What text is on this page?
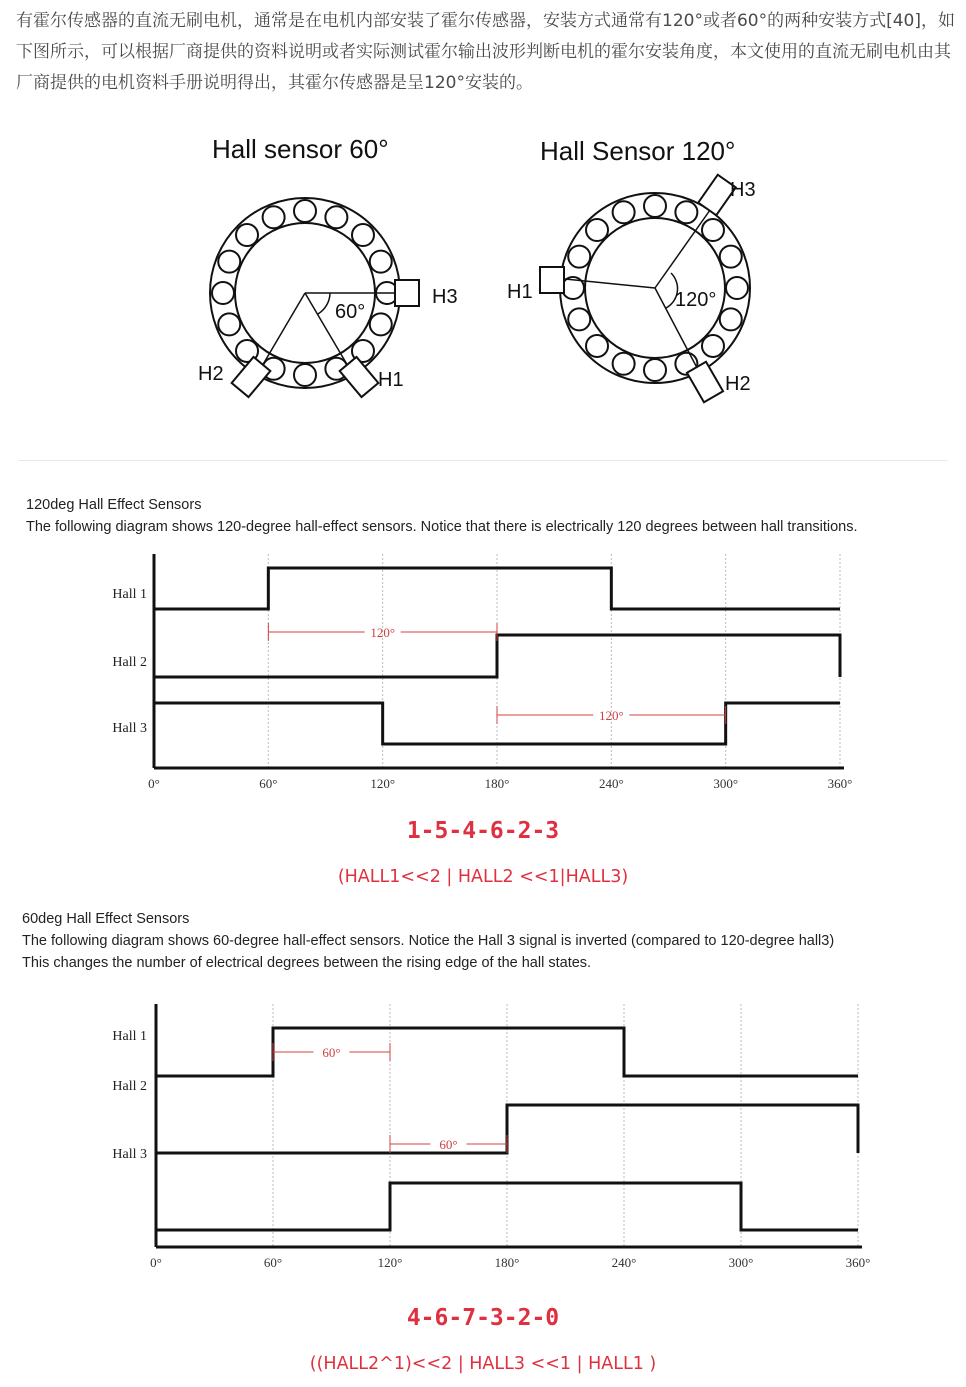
有霍尔传感器的直流无刷电机，通常是在电机内部安装了霍尔传感器，安装方式通常有120°或者60°的两种安装方式[40]，如下图所示，可以根据厂商提供的资料说明或者实际测试霍尔输出波形判断电机的霍尔安装角度，本文使用的直流无刷电机由其厂商提供的电机资料手册说明得出，其霍尔传感器是呈120°安装的。

Hall sensor 60°
60°
H3
H2	H1
Hall Sensor 120°
120°
H3
H1
H2
120deg Hall Effect Sensors
The following diagram shows 120-degree hall-effect sensors. Notice that there is electrically 120 degrees between hall transitions.
0°	60°	120°	180°	240°	300°	360°
Hall 1
Hall 2
Hall 3
120°
120°
1-5-4-6-2-3
(HALL1<<2 | HALL2 <<1|HALL3)
60deg Hall Effect Sensors
The following diagram shows 60-degree hall-effect sensors. Notice the Hall 3 signal is inverted (compared to 120-degree hall3)
This changes the number of electrical degrees between the rising edge of the hall states.
0°	60°	120°	180°	240°	300°	360°
Hall 1
Hall 2
Hall 3
60°
60°
4-6-7-3-2-0
((HALL2^1)<<2 | HALL3 <<1 | HALL1 )
